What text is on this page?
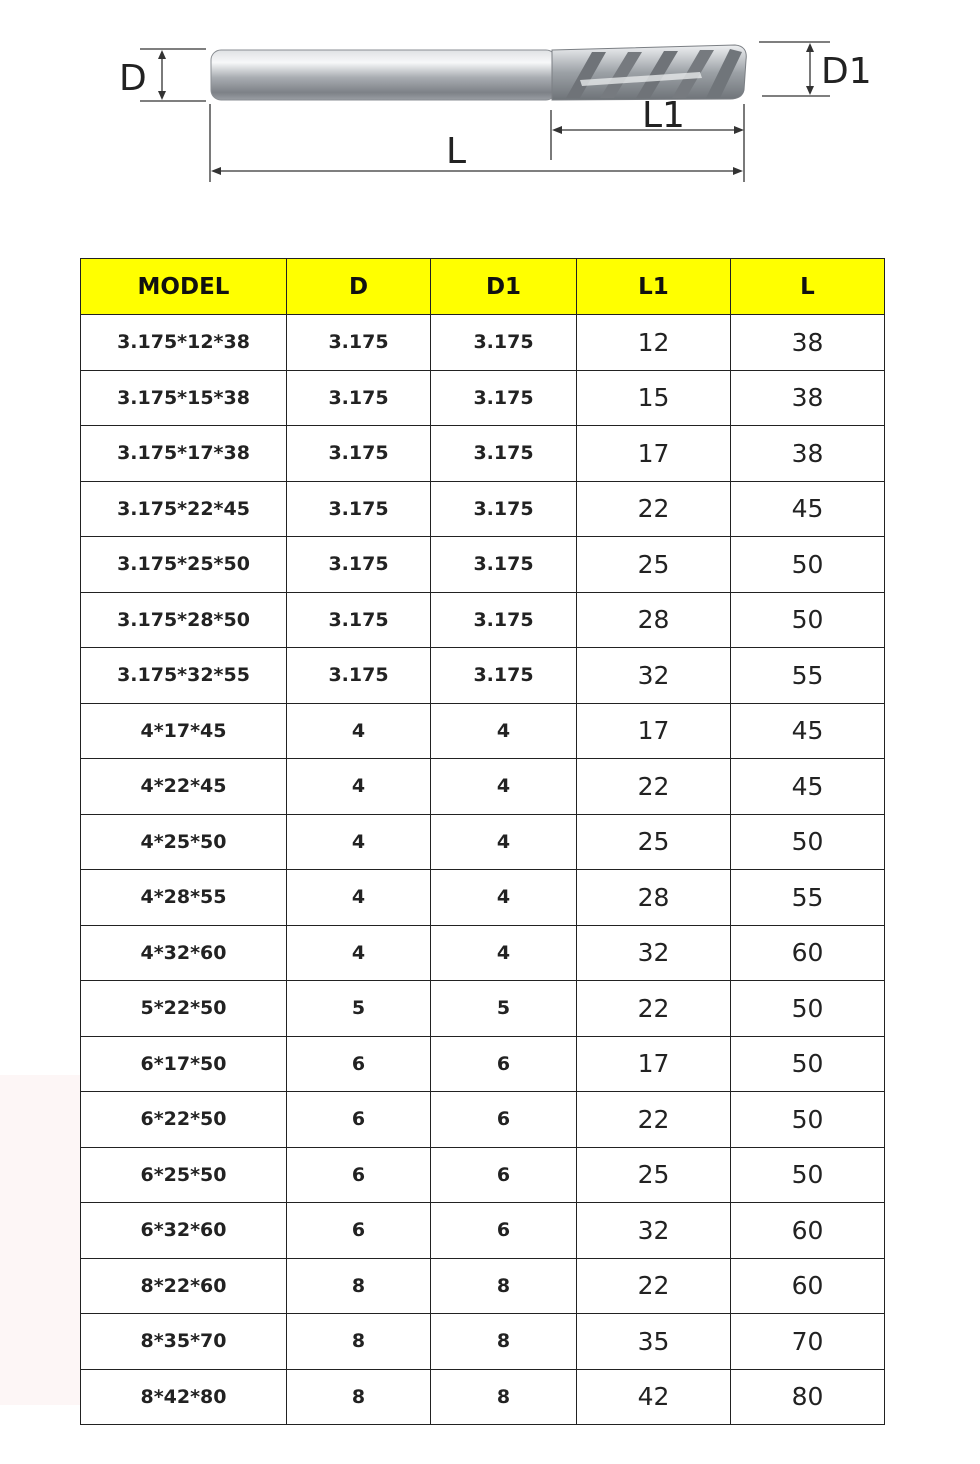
D	D1
L1
L
MODEL	D	D1	L1	L
3.175*12*38	3.175	3.175	12	38
3.175*15*38	3.175	3.175	15	38
3.175*17*38	3.175	3.175	17	38
3.175*22*45	3.175	3.175	22	45
3.175*25*50	3.175	3.175	25	50
3.175*28*50	3.175	3.175	28	50
3.175*32*55	3.175	3.175	32	55
4*17*45	4	4	17	45
4*22*45	4	4	22	45
4*25*50	4	4	25	50
4*28*55	4	4	28	55
4*32*60	4	4	32	60
5*22*50	5	5	22	50
6*17*50	6	6	17	50
6*22*50	6	6	22	50
6*25*50	6	6	25	50
6*32*60	6	6	32	60
8*22*60	8	8	22	60
8*35*70	8	8	35	70
8*42*80	8	8	42	80
